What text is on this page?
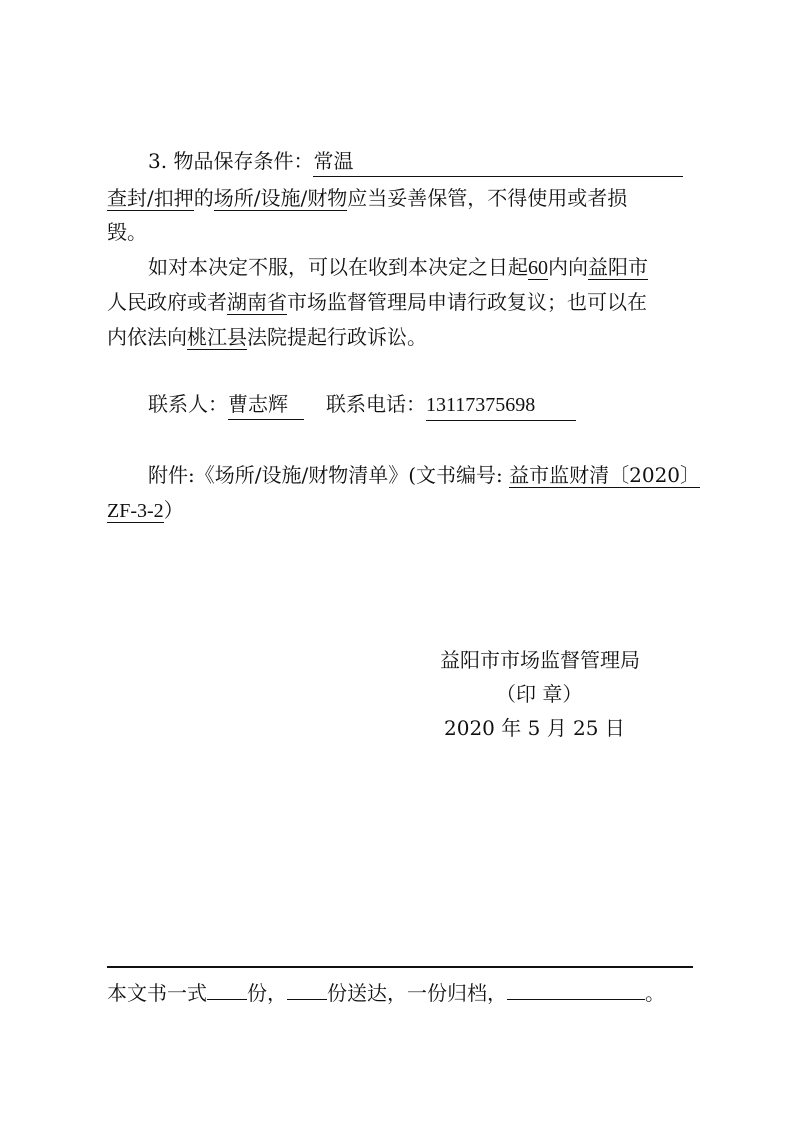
3. 物品保存条件：常温
查封/扣押的场所/设施/财物应当妥善保管，不得使用或者损
毁。
如对本决定不服，可以在收到本决定之日起60内向益阳市
人民政府或者湖南省市场监督管理局申请行政复议；也可以在
内依法向桃江县法院提起行政诉讼。
联系人：曹志辉 联系电话：13117375698
附件:《场所/设施/财物清单》(文书编号: 益市监财清〔2020〕
ZF-3-2）
益阳市市场监督管理局
（印 章）
2020 年 5 月 25 日
本文书一式 份， 份送达，一份归档，	。
